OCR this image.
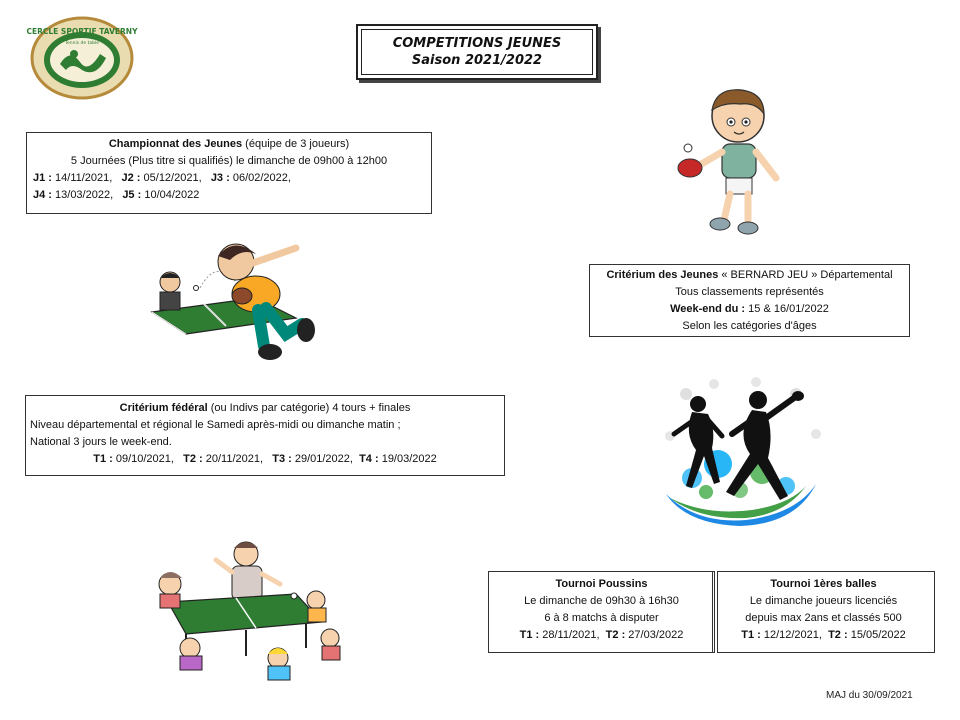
CERCLE SPORTIF TAVERNY
Tennis de table	COMPETITIONS JEUNES
Saison 2021/2022
Championnat des Jeunes (équipe de 3 joueurs)
5 Journées (Plus titre si qualifiés) le dimanche de 09h00 à 12h00
J1 : 14/11/2021, J2 : 05/12/2021, J3 : 06/02/2022,
J4 : 13/03/2022, J5 : 10/04/2022
Critérium des Jeunes « BERNARD JEU » Départemental
Tous classements représentés
Week-end du : 15 & 16/01/2022
Selon les catégories d'âges
Critérium fédéral (ou Indivs par catégorie) 4 tours + finales
Niveau départemental et régional le Samedi après-midi ou dimanche matin ;
National 3 jours le week-end.
T1 : 09/10/2021, T2 : 20/11/2021, T3 : 29/01/2022, T4 : 19/03/2022
Tournoi Poussins
Le dimanche de 09h30 à 16h30
6 à 8 matchs à disputer
T1 : 28/11/2021, T2 : 27/03/2022
Tournoi 1ères balles
Le dimanche joueurs licenciés
depuis max 2ans et classés 500
T1 : 12/12/2021, T2 : 15/05/2022
MAJ du 30/09/2021
